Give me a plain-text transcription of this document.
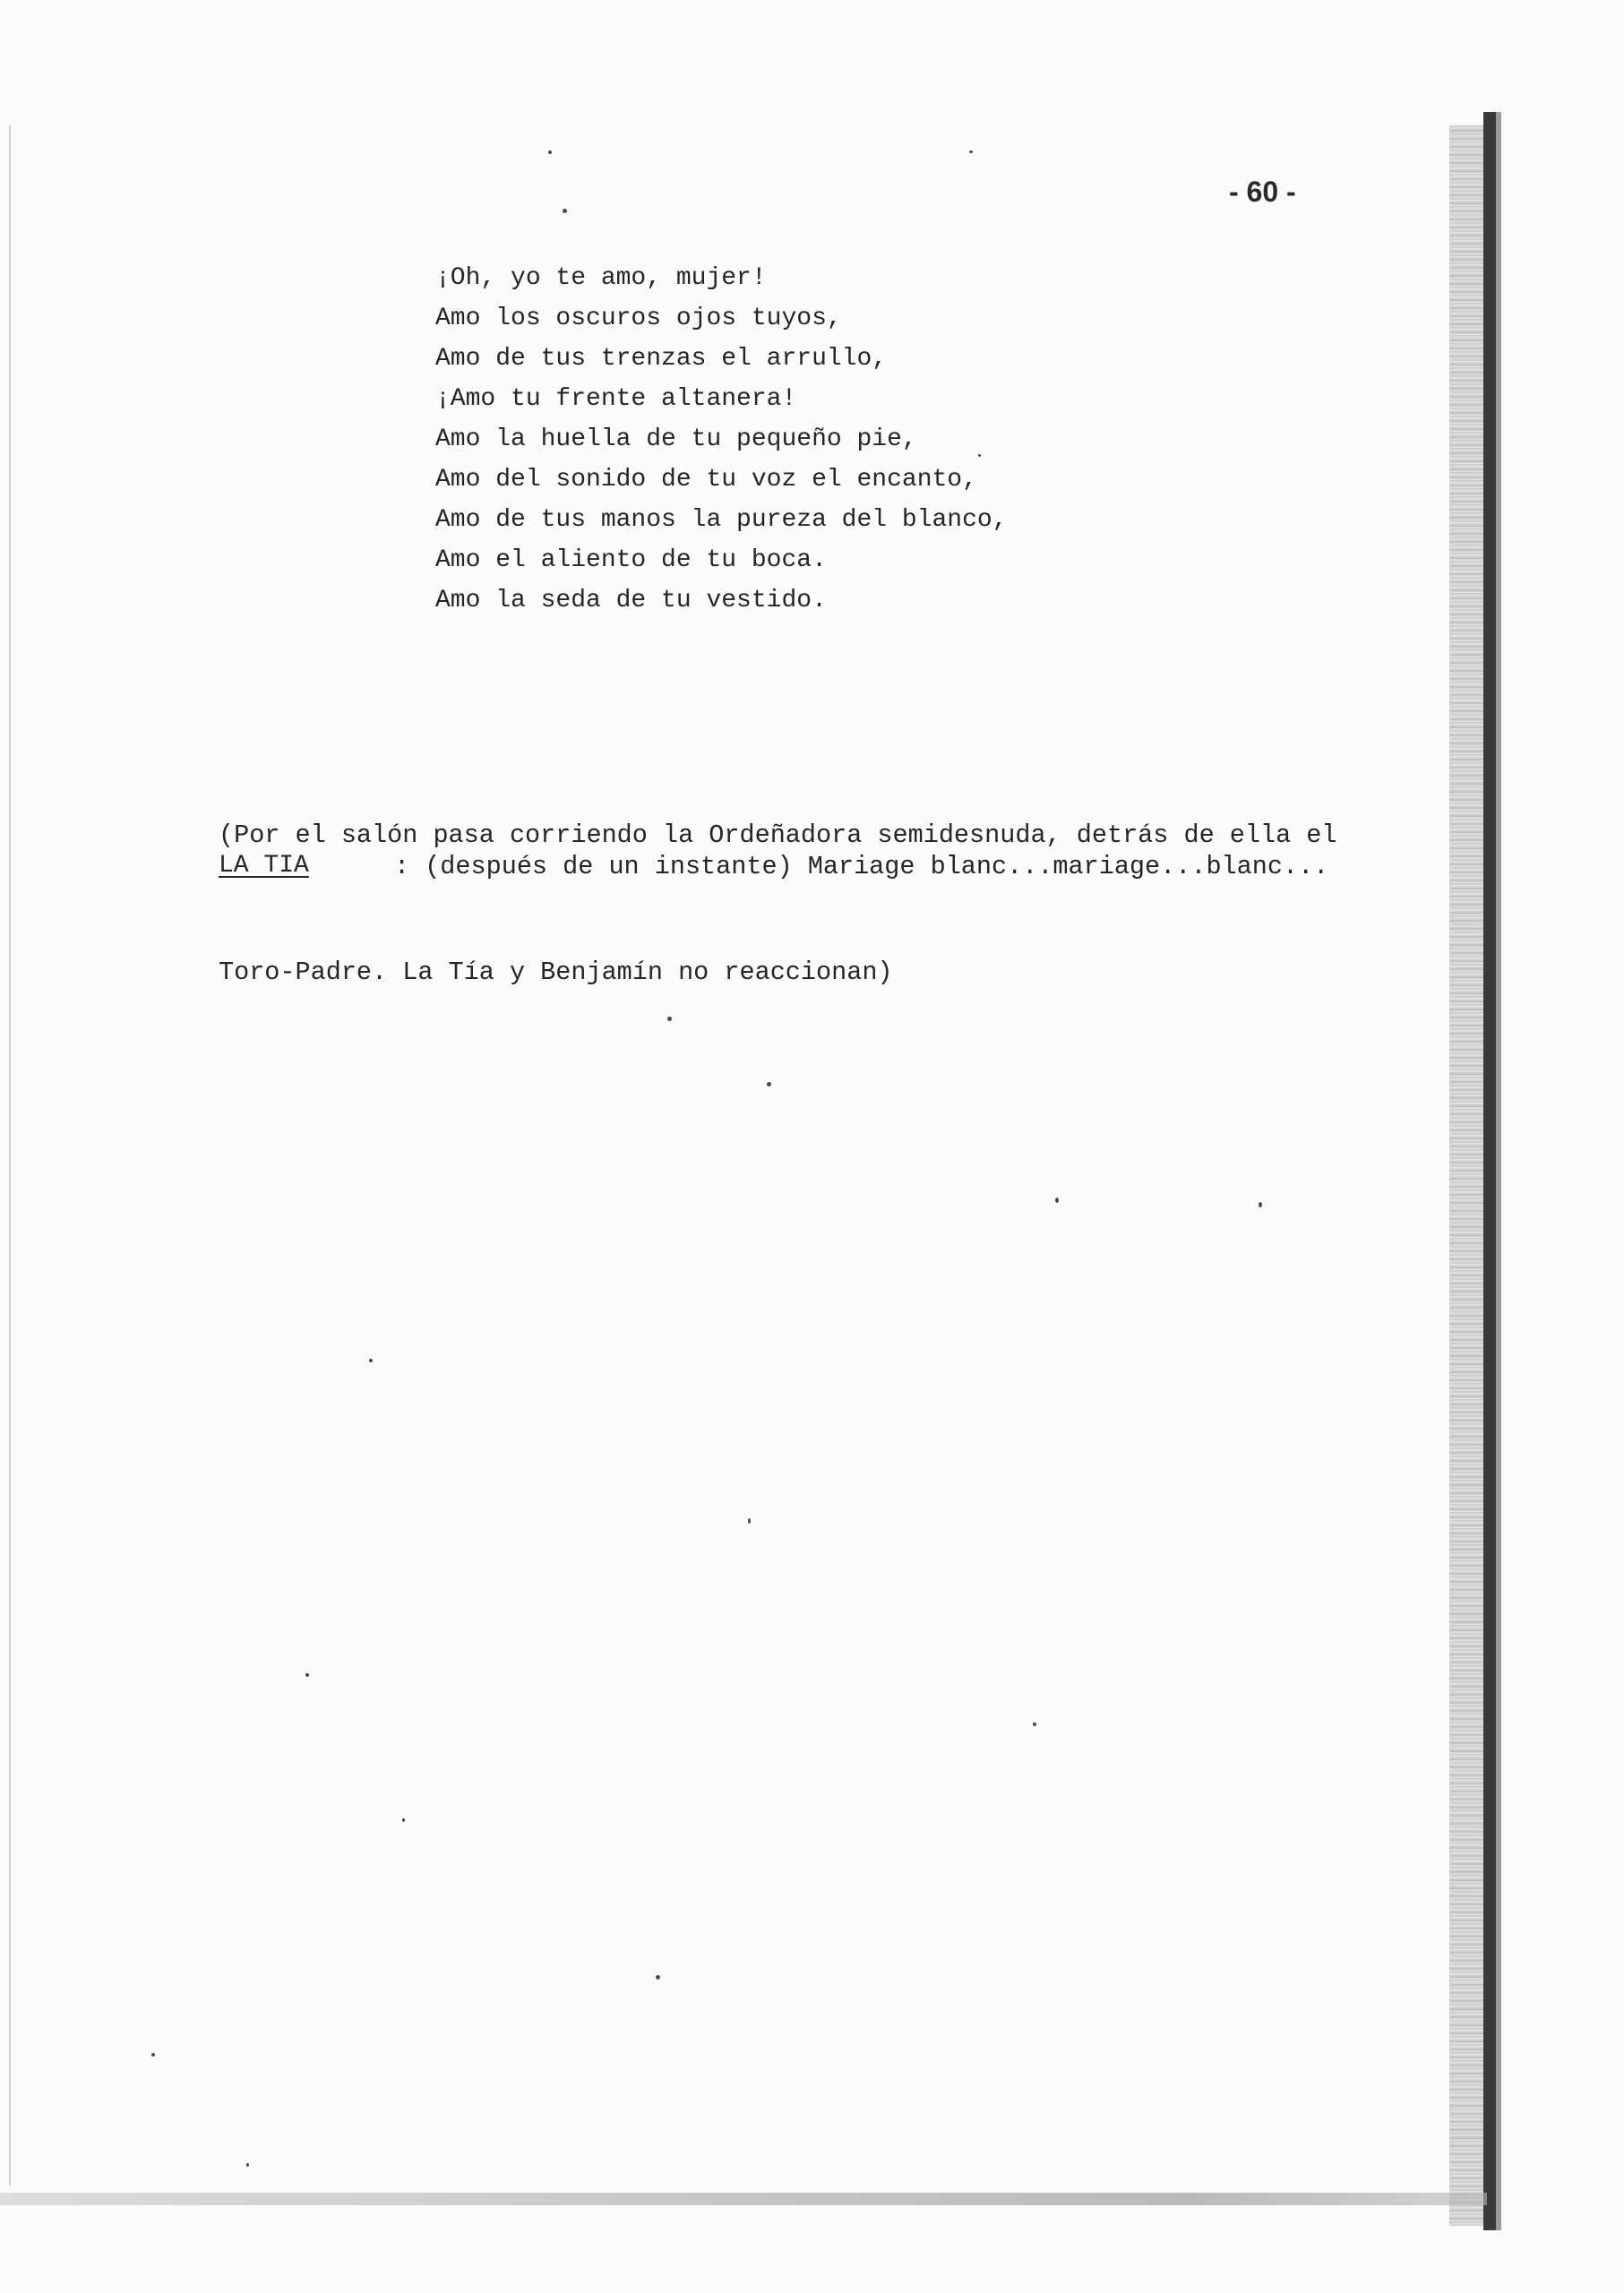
- 60 -
¡Oh, yo te amo, mujer!
Amo los oscuros ojos tuyos,
Amo de tus trenzas el arrullo,
¡Amo tu frente altanera!
Amo la huella de tu pequeño pie,
Amo del sonido de tu voz el encanto,
Amo de tus manos la pureza del blanco,
Amo el aliento de tu boca.
Amo la seda de tu vestido.

(Por el salón pasa corriendo la Ordeñadora semidesnuda, detrás de ella el

Toro-Padre. La Tía y Benjamín no reaccionan)

LA TIA	: (después de un instante) Mariage blanc...mariage...blanc...
